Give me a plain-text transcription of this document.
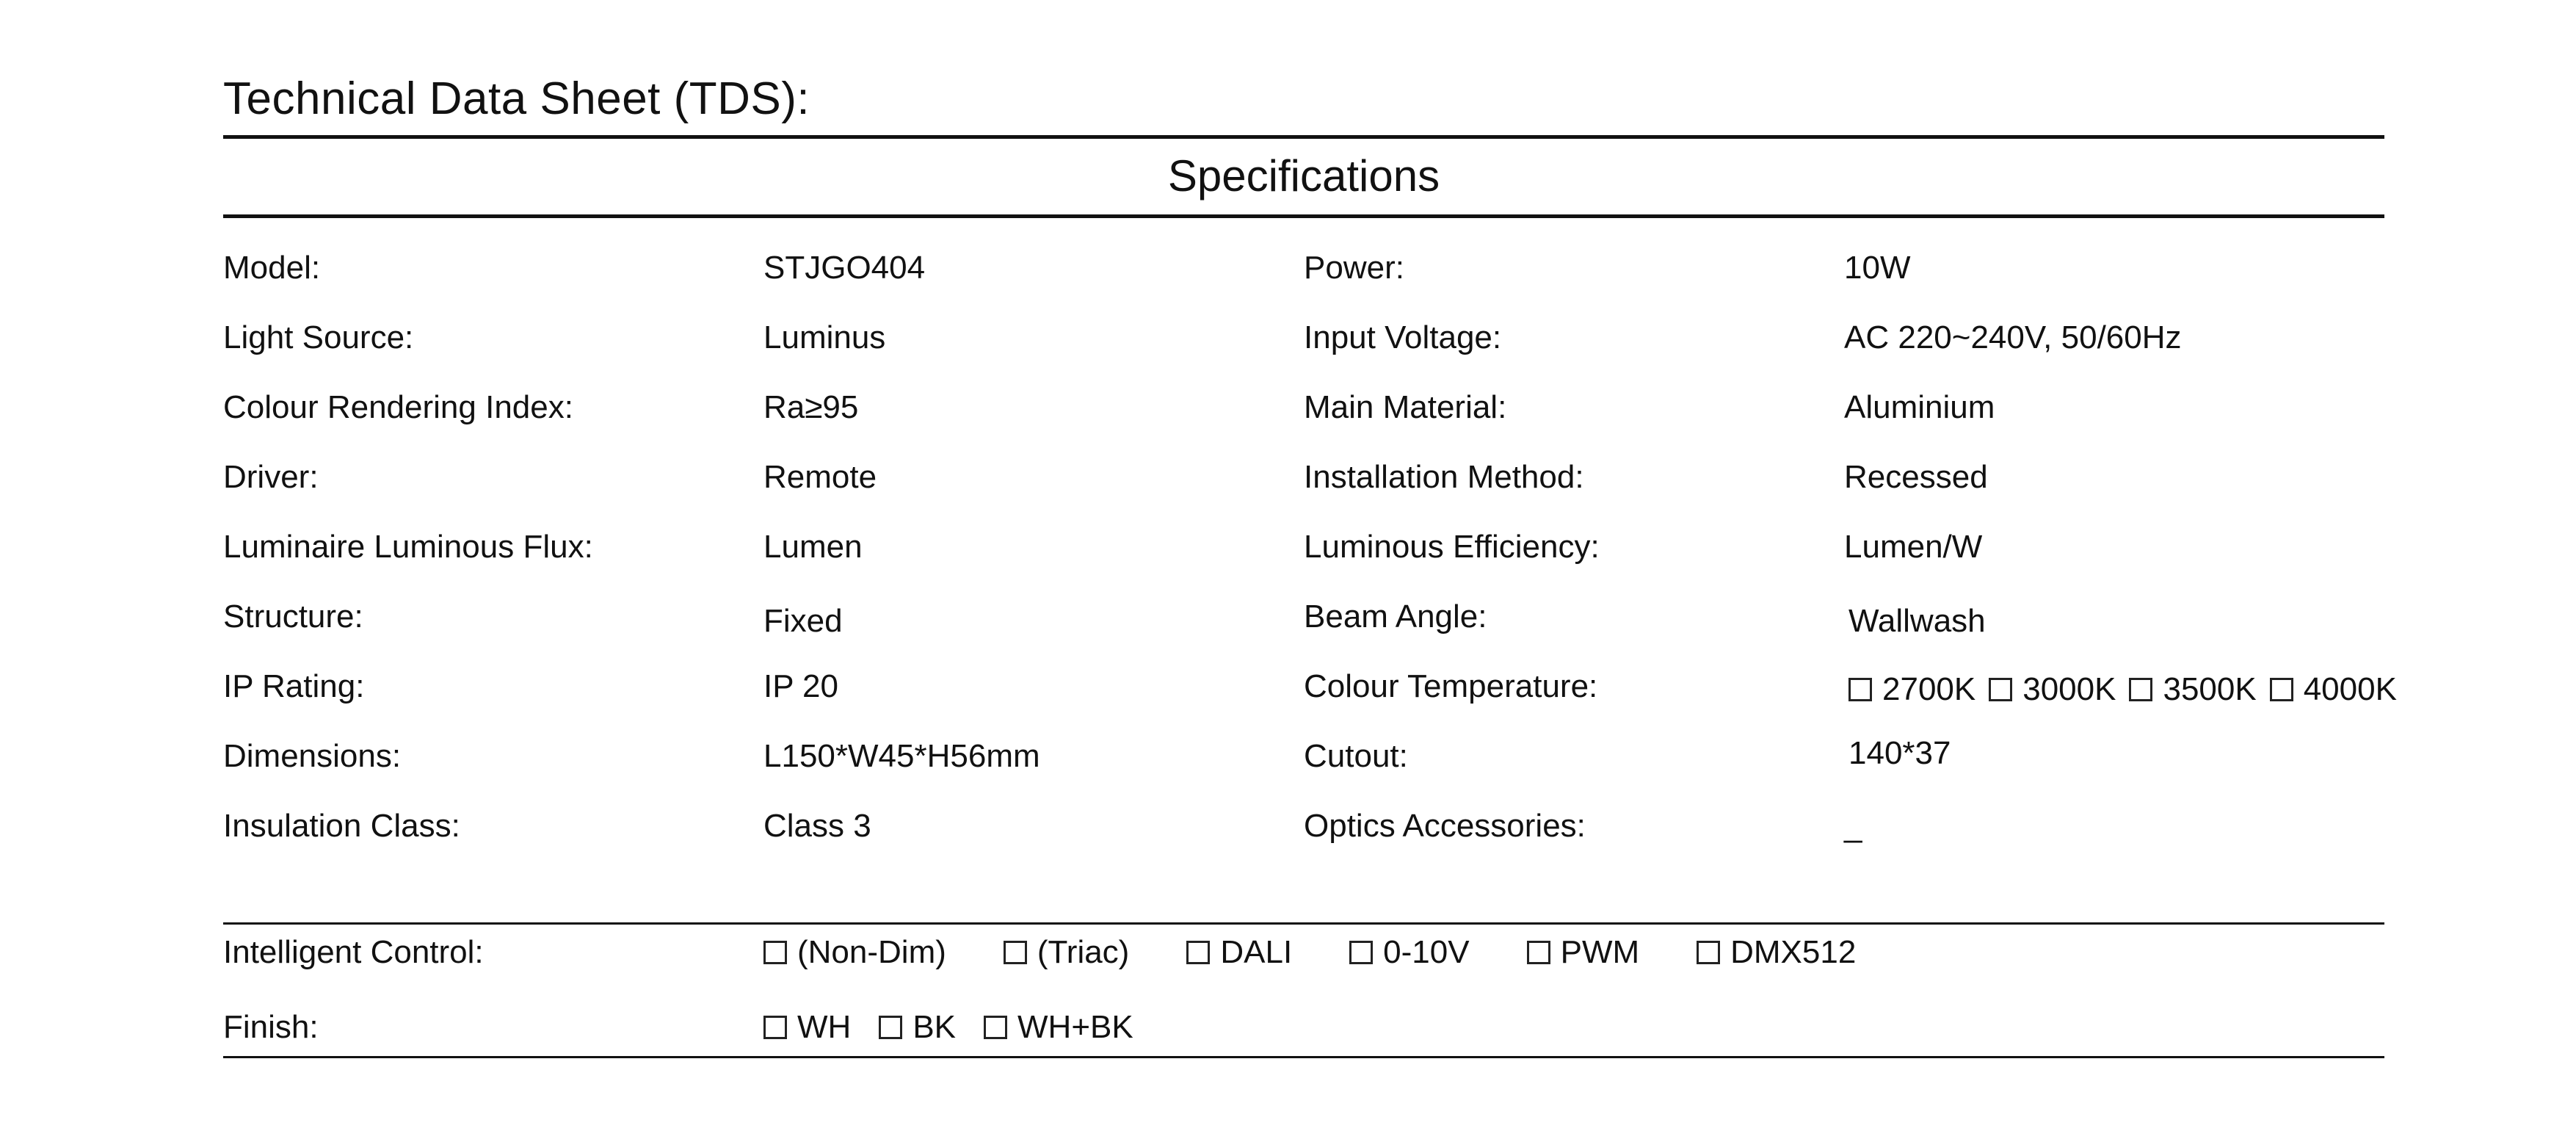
Technical Data Sheet (TDS):
Specifications
Model:	STJGO404	Power:	10W
Light Source:	Luminus	Input Voltage:	AC 220~240V, 50/60Hz
Colour Rendering Index:	Ra≥95	Main Material:	Aluminium
Driver:	Remote	Installation Method:	Recessed
Luminaire Luminous Flux:	Lumen	Luminous Efficiency:	Lumen/W
Structure:	Fixed	Beam Angle:	Wallwash
IP Rating:	IP 20	Colour Temperature:	2700K 3000K 3500K 4000K
Dimensions:	L150*W45*H56mm	Cutout:	140*37
Insulation Class:	Class 3	Optics Accessories:	_
Intelligent Control:	(Non-Dim)	(Triac)	DALI	0-10V	PWM	DMX512
Finish:	WH BK WH+BK
